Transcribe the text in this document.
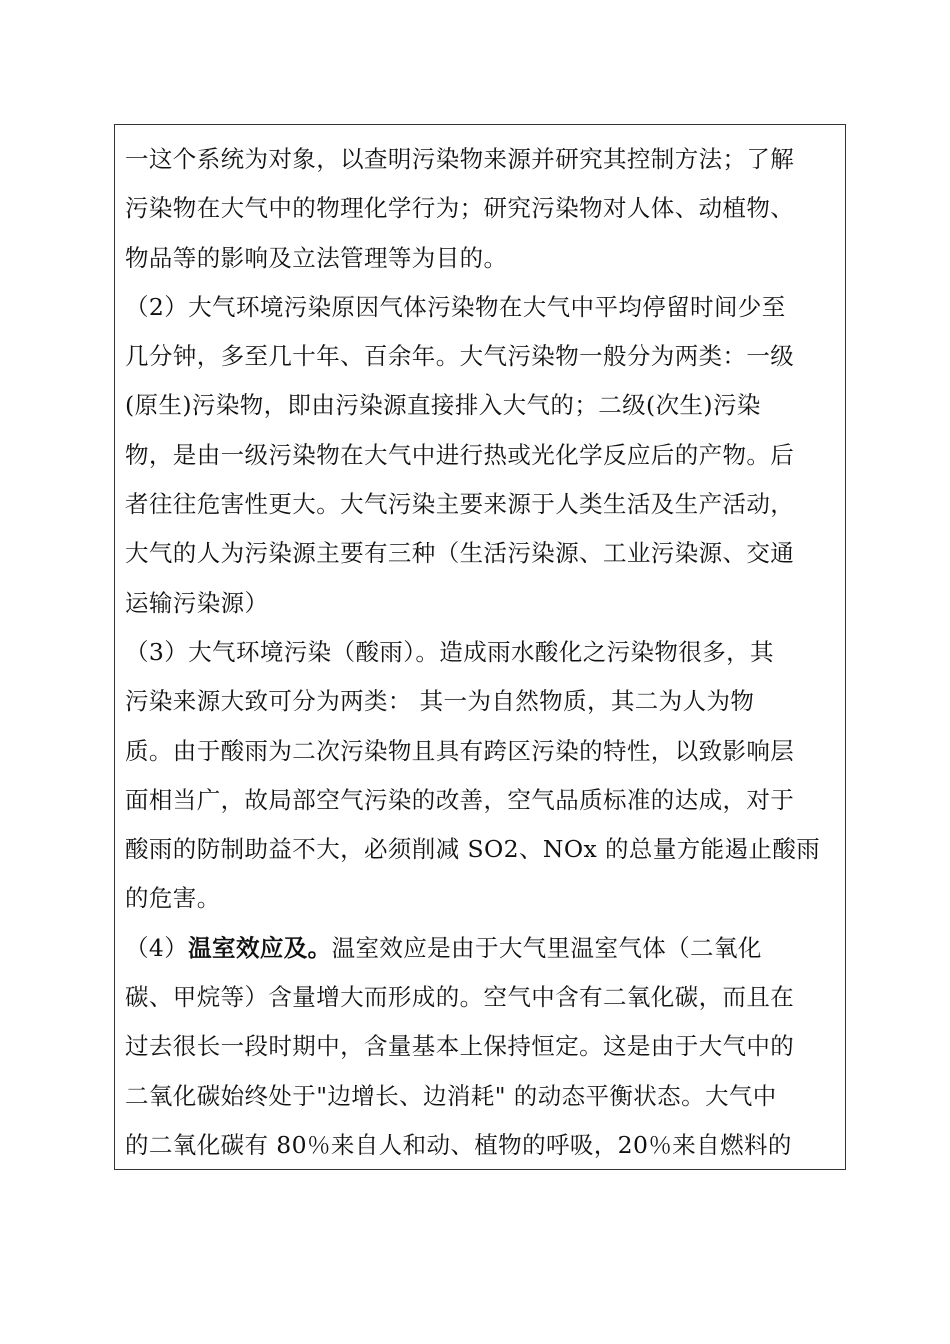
一这个系统为对象，以查明污染物来源并研究其控制方法；了解
污染物在大气中的物理化学行为；研究污染物对人体、动植物、
物品等的影响及立法管理等为目的。
（2）大气环境污染原因气体污染物在大气中平均停留时间少至
几分钟，多至几十年、百余年。大气污染物一般分为两类：一级
(原生)污染物，即由污染源直接排入大气的；二级(次生)污染
物，是由一级污染物在大气中进行热或光化学反应后的产物。后
者往往危害性更大。大气污染主要来源于人类生活及生产活动，
大气的人为污染源主要有三种（生活污染源、工业污染源、交通
运输污染源）
（3）大气环境污染（酸雨）。造成雨水酸化之污染物很多，其
污染来源大致可分为两类： 其一为自然物质，其二为人为物
质。由于酸雨为二次污染物且具有跨区污染的特性，以致影响层
面相当广，故局部空气污染的改善，空气品质标准的达成，对于
酸雨的防制助益不大，必须削减 SO2、NOx 的总量方能遏止酸雨
的危害。
（4）温室效应及。温室效应是由于大气里温室气体（二氧化
碳、甲烷等）含量增大而形成的。空气中含有二氧化碳，而且在
过去很长一段时期中，含量基本上保持恒定。这是由于大气中的
二氧化碳始终处于"边增长、边消耗" 的动态平衡状态。大气中
的二氧化碳有 80％来自人和动、植物的呼吸，20％来自燃料的
